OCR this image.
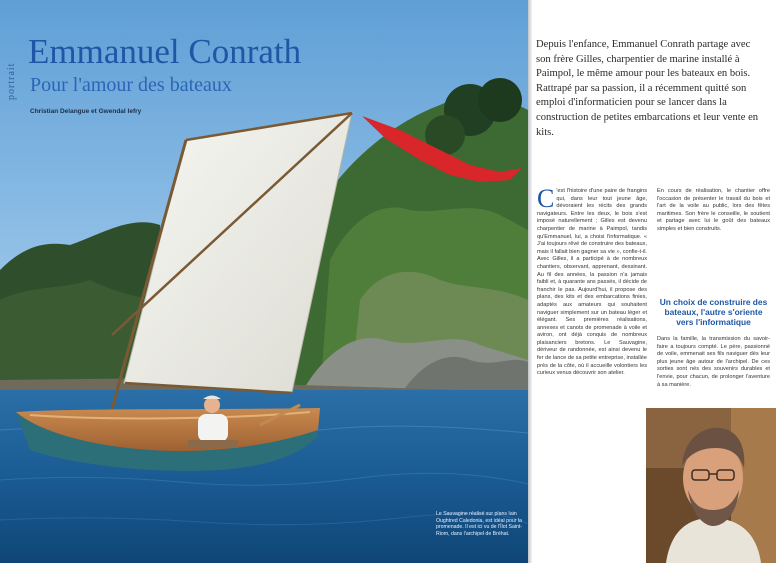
portrait
Emmanuel Conrath
Pour l'amour des bateaux
Christian Delangue et Gwendal Iefry
Le Sauvagine réalisé sur plans Iain Oughtred Caledonia, est idéal pour la promenade. Il est ici vu de l'Îlot Saint-Riom, dans l'archipel de Bréhat.
Depuis l'enfance, Emmanuel Conrath partage avec son frère Gilles, charpentier de marine installé à Paimpol, le même amour pour les bateaux en bois. Rattrapé par sa passion, il a récemment quitté son emploi d'informaticien pour se lancer dans la construction de petites embarcations et leur vente en kits.
C 'est l'histoire d'une paire de frangins qui, dans leur tout jeune âge, dévoraient les récits des grands navigateurs. Entre les deux, le bois s'est imposé naturellement ; Gilles est devenu charpentier de marine à Paimpol, tandis qu'Emmanuel, lui, a choisi l'informatique. « J'ai toujours rêvé de construire des bateaux, mais il fallait bien gagner sa vie », confie-t-il. Avec Gilles, il a participé à de nombreux chantiers, observant, apprenant, dessinant. Au fil des années, la passion n'a jamais faibli et, à quarante ans passés, il décide de franchir le pas. Aujourd'hui, il propose des plans, des kits et des embarcations finies, adaptés aux amateurs qui souhaitent naviguer simplement sur un bateau léger et élégant. Ses premières réalisations, annexes et canots de promenade à voile et aviron, ont déjà conquis de nombreux plaisanciers bretons. Le Sauvagine, dériveur de randonnée, est ainsi devenu le fer de lance de sa petite entreprise, installée près de la côte, où il accueille volontiers les curieux venus découvrir son atelier.
En cours de réalisation, le chantier offre l'occasion de présenter le travail du bois et l'art de la voile au public, lors des fêtes maritimes. Son frère le conseille, le soutient et partage avec lui le goût des bateaux simples et bien construits.
Un choix de construire des bateaux, l'autre s'oriente vers l'informatique
Dans la famille, la transmission du savoir-faire a toujours compté. Le père, passionné de voile, emmenait ses fils naviguer dès leur plus jeune âge autour de l'archipel. De ces sorties sont nés des souvenirs durables et l'envie, pour chacun, de prolonger l'aventure à sa manière.
